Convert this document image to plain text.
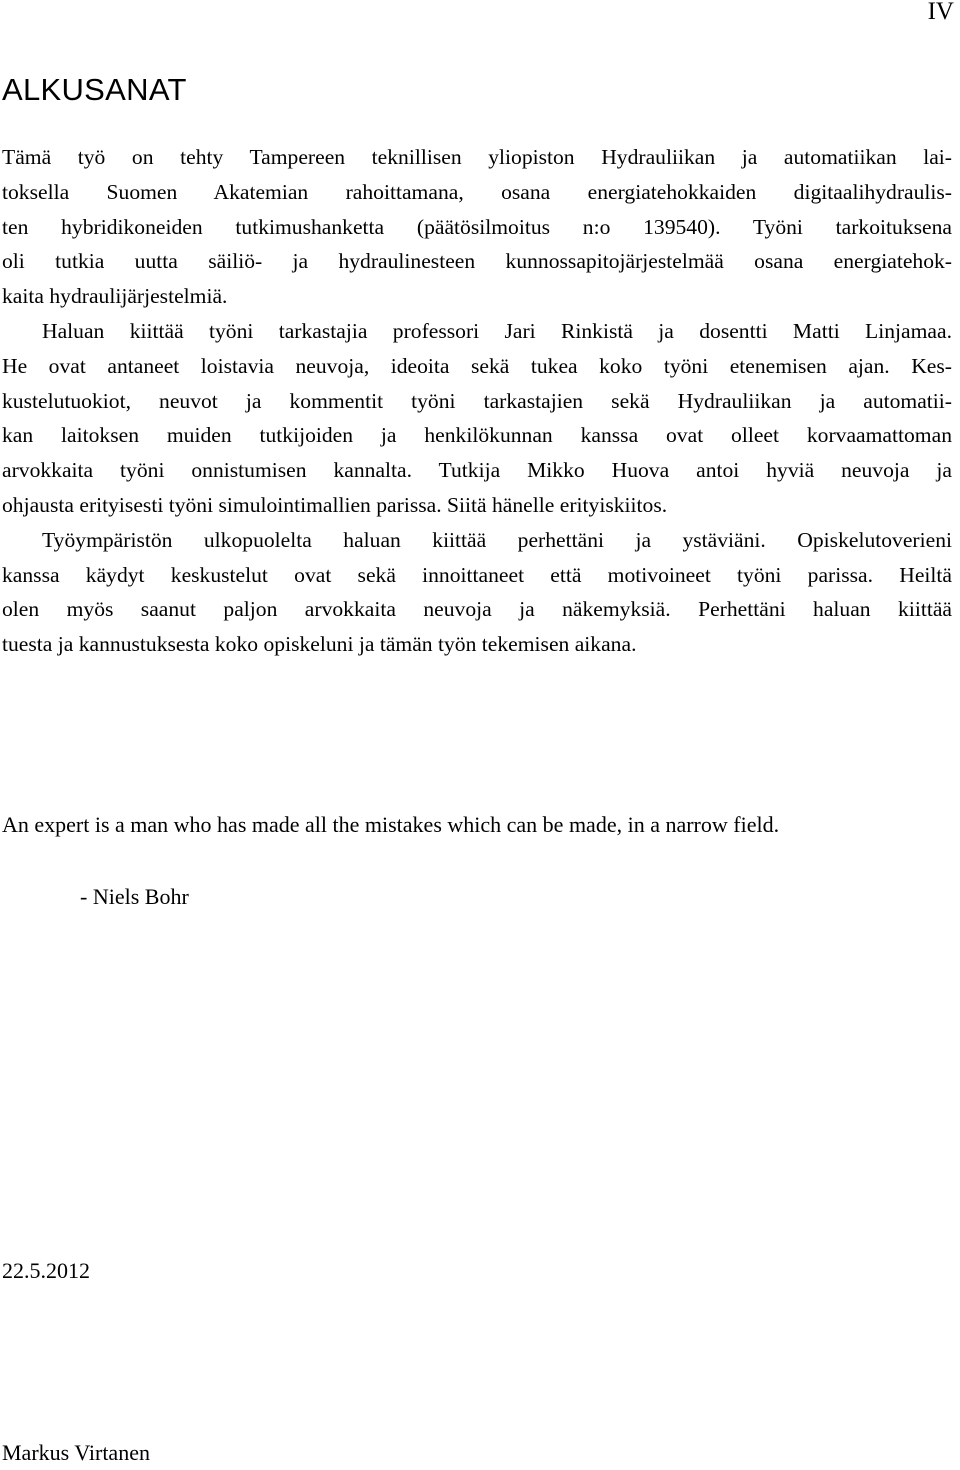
IV
ALKUSANAT
Tämä työ on tehty Tampereen teknillisen yliopiston Hydrauliikan ja automatiikan lai-
toksella Suomen Akatemian rahoittamana, osana energiatehokkaiden digitaalihydraulis-
ten hybridikoneiden tutkimushanketta (päätösilmoitus n:o 139540). Työni tarkoituksena
oli tutkia uutta säiliö- ja hydraulinesteen kunnossapitojärjestelmää osana energiatehok-
kaita hydraulijärjestelmiä.
Haluan kiittää työni tarkastajia professori Jari Rinkistä ja dosentti Matti Linjamaa.
He ovat antaneet loistavia neuvoja, ideoita sekä tukea koko työni etenemisen ajan. Kes-
kustelutuokiot, neuvot ja kommentit työni tarkastajien sekä Hydrauliikan ja automatii-
kan laitoksen muiden tutkijoiden ja henkilökunnan kanssa ovat olleet korvaamattoman
arvokkaita työni onnistumisen kannalta. Tutkija Mikko Huova antoi hyviä neuvoja ja
ohjausta erityisesti työni simulointimallien parissa. Siitä hänelle erityiskiitos.
Työympäristön ulkopuolelta haluan kiittää perhettäni ja ystäviäni. Opiskelutoverieni
kanssa käydyt keskustelut ovat sekä innoittaneet että motivoineet työni parissa. Heiltä
olen myös saanut paljon arvokkaita neuvoja ja näkemyksiä. Perhettäni haluan kiittää
tuesta ja kannustuksesta koko opiskeluni ja tämän työn tekemisen aikana.
An expert is a man who has made all the mistakes which can be made, in a narrow field.
- Niels Bohr
22.5.2012
Markus Virtanen
